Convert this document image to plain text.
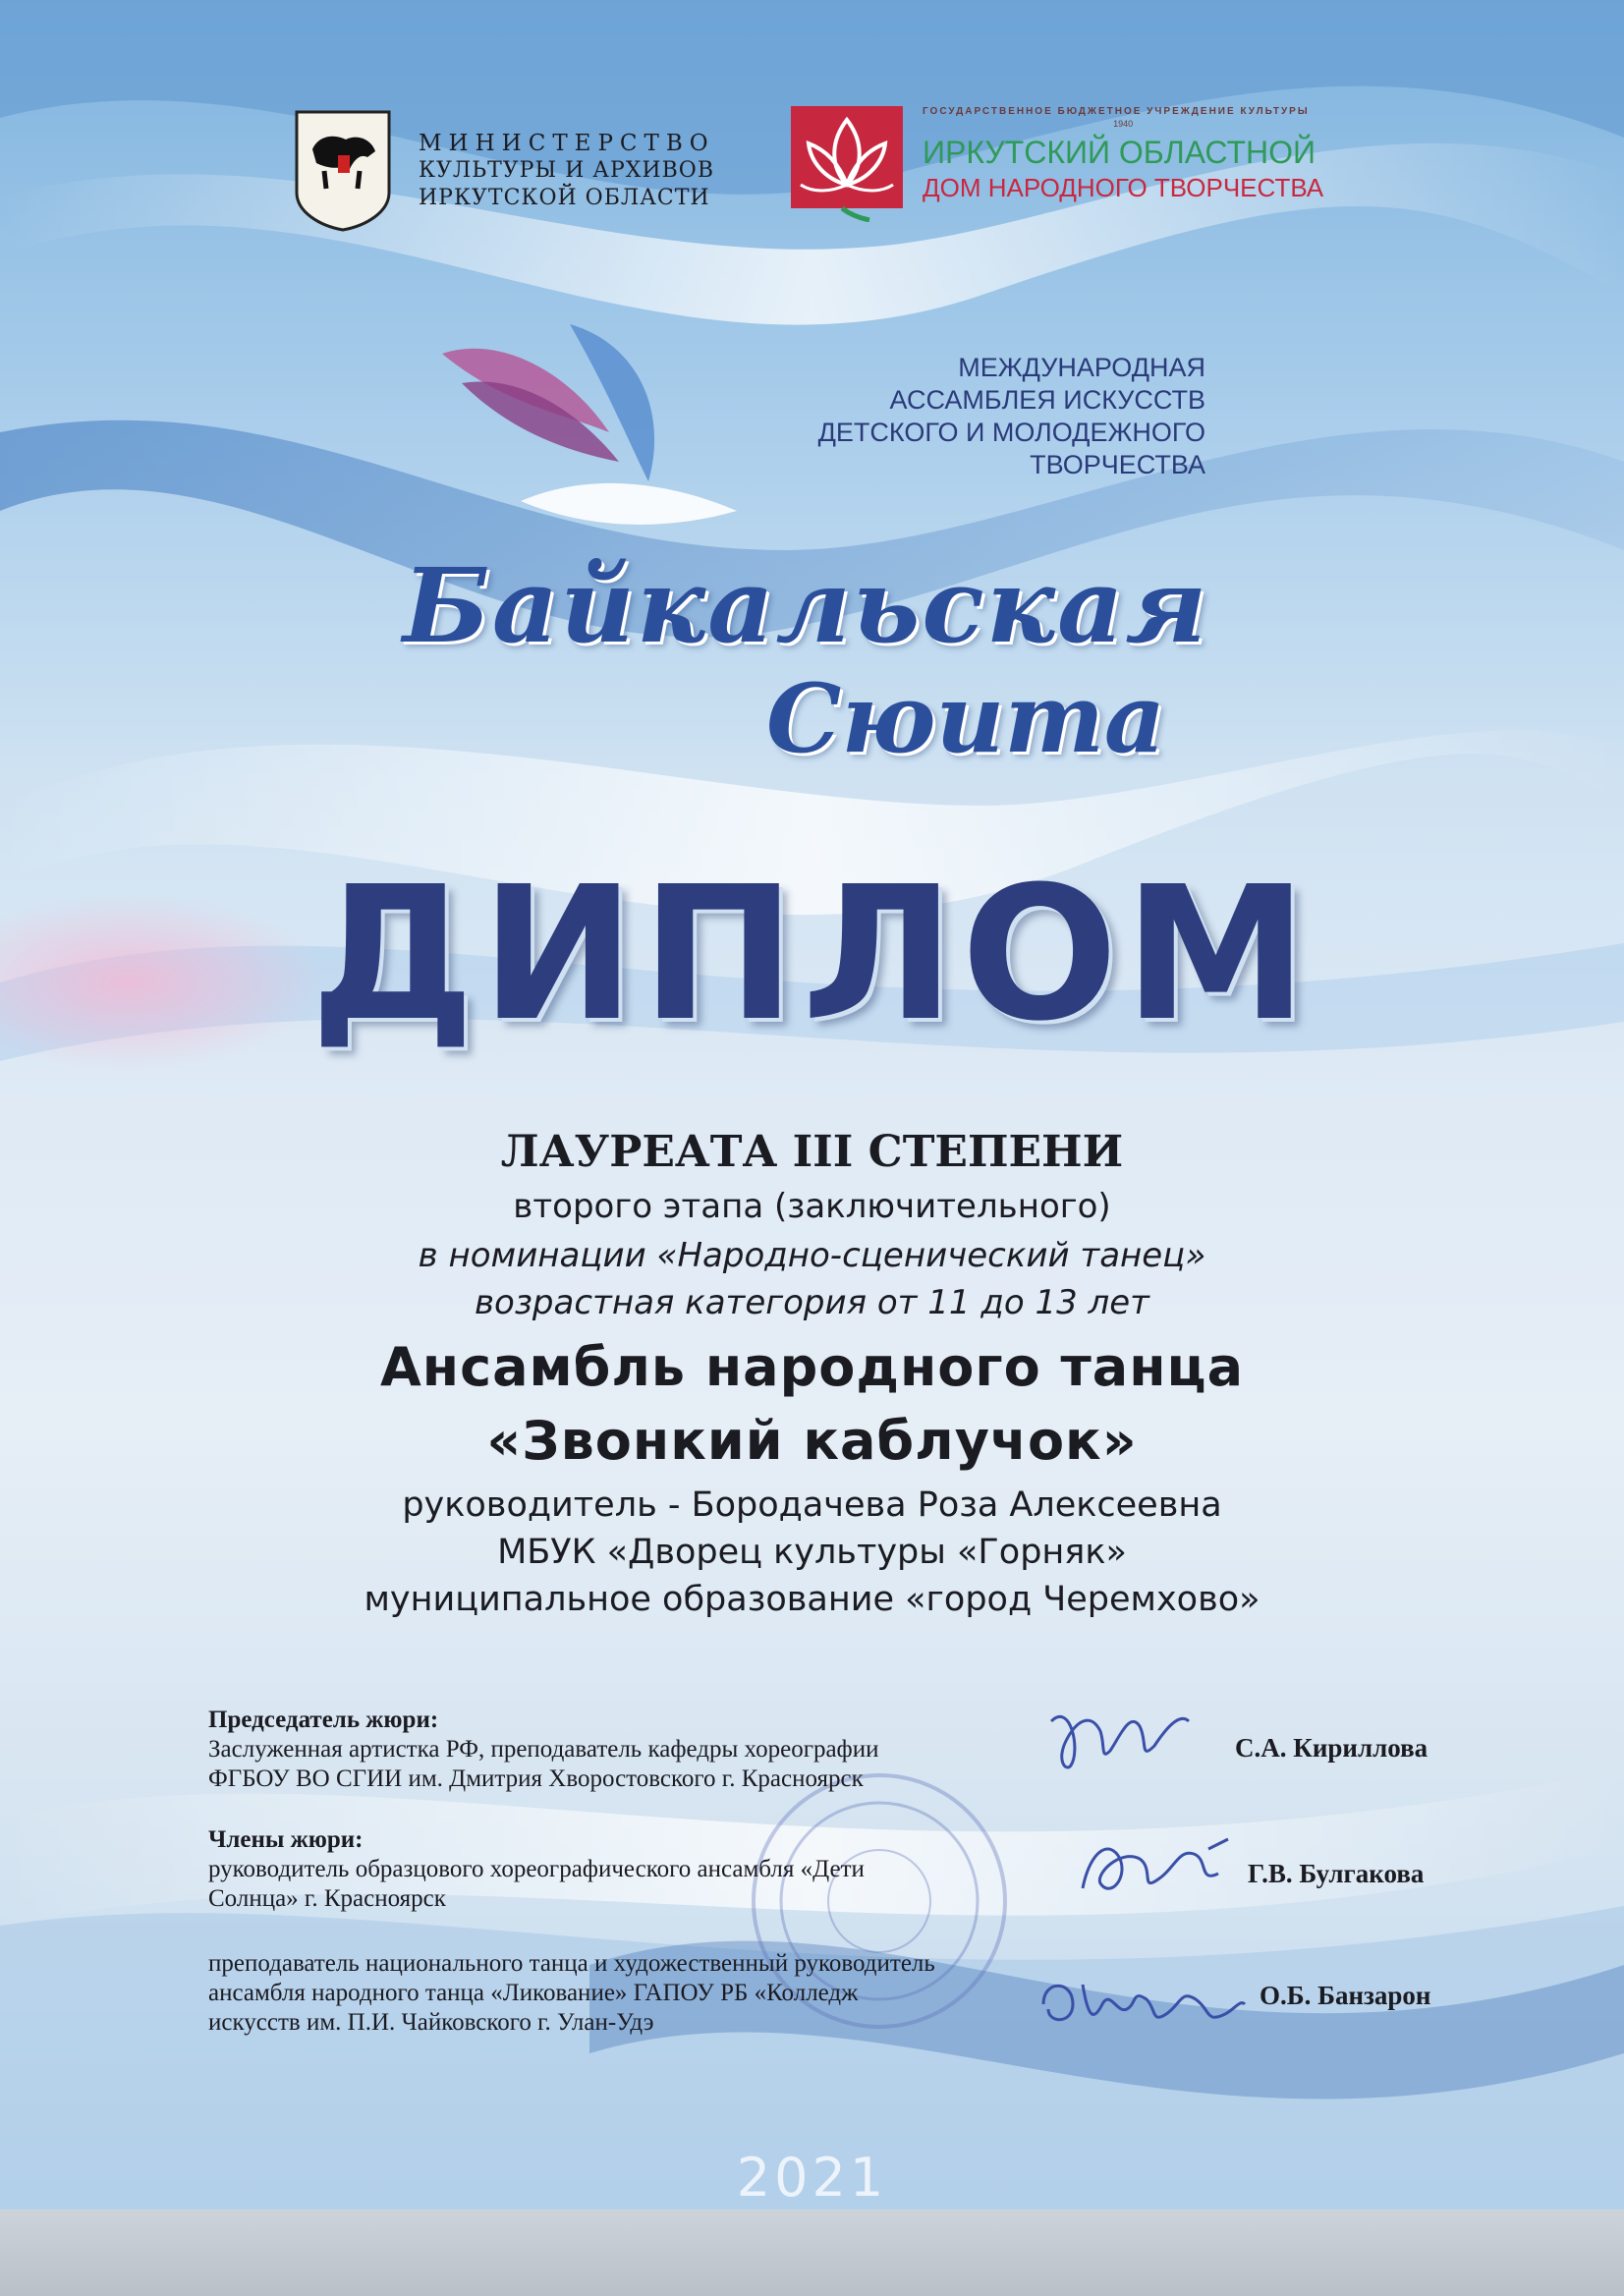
МИНИСТЕРСТВО
КУЛЬТУРЫ И АРХИВОВ
ИРКУТСКОЙ ОБЛАСТИ
ГОСУДАРСТВЕННОЕ БЮДЖЕТНОЕ УЧРЕЖДЕНИЕ КУЛЬТУРЫ
1940
ИРКУТСКИЙ ОБЛАСТНОЙ
ДОМ НАРОДНОГО ТВОРЧЕСТВА
МЕЖДУНАРОДНАЯ
АССАМБЛЕЯ ИСКУССТВ
ДЕТСКОГО И МОЛОДЕЖНОГО
ТВОРЧЕСТВА
Байкальская
Сюита
ДИПЛОМ
ЛАУРЕАТА III СТЕПЕНИ
второго этапа (заключительного)
в номинации «Народно-сценический танец»
возрастная категория от 11 до 13 лет
Ансамбль народного танца
«Звонкий каблучок»
руководитель - Бородачева Роза Алексеевна
МБУК «Дворец культуры «Горняк»
муниципальное образование «город Черемхово»
Председатель жюри:
Заслуженная артистка РФ, преподаватель кафедры хореографии
ФГБОУ ВО СГИИ им. Дмитрия Хворостовского г. Красноярск
Члены жюри:
руководитель образцового хореографического ансамбля «Дети
Солнца» г. Красноярск
преподаватель национального танца и художественный руководитель
ансамбля народного танца «Ликование» ГАПОУ РБ «Колледж
искусств им. П.И. Чайковского г. Улан-Удэ
С.А. Кириллова
Г.В. Булгакова
О.Б. Банзарон
2021
